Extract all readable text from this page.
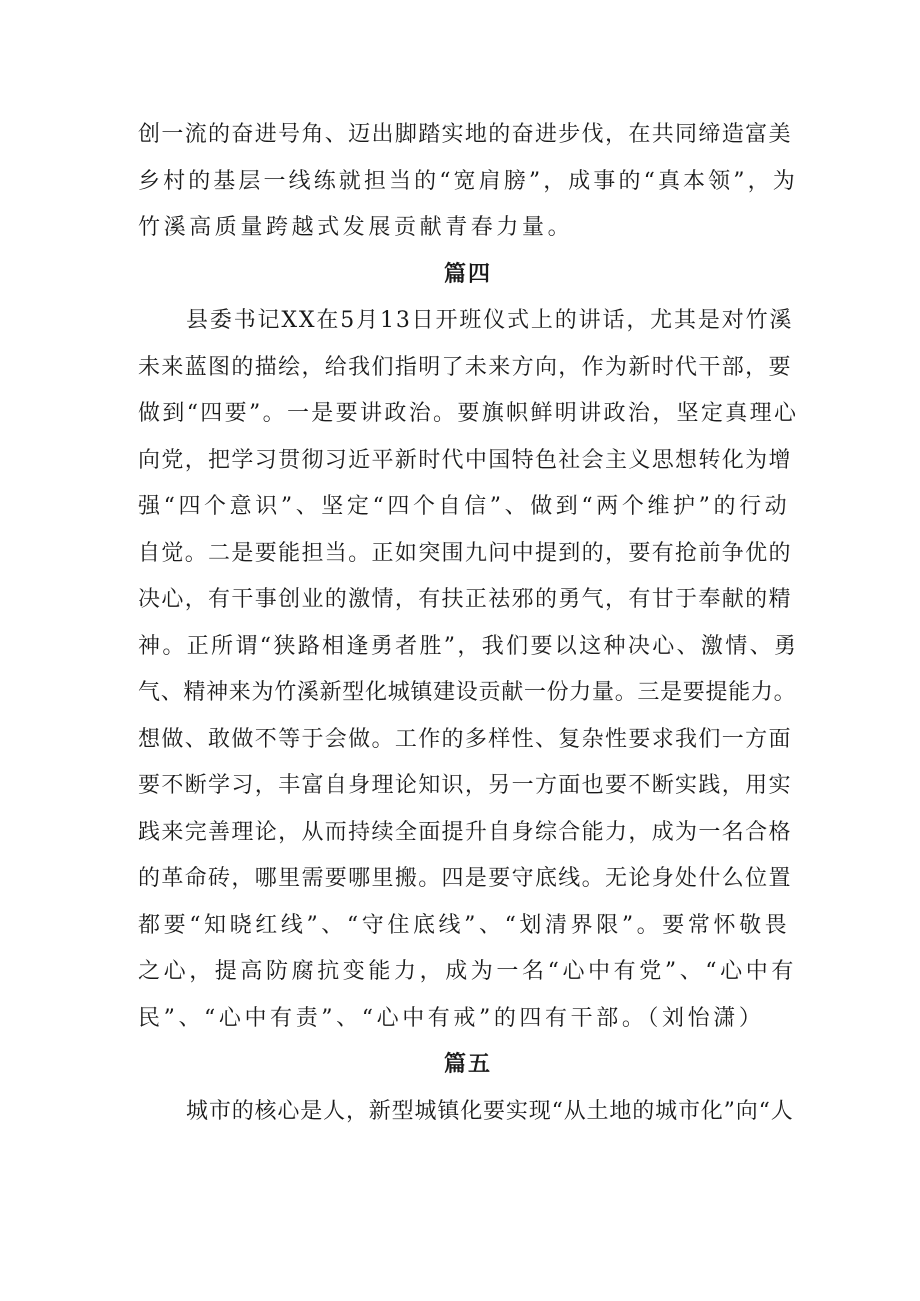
创一流的奋进号角、迈出脚踏实地的奋进步伐，在共同缔造富美
乡村的基层一线练就担当的“宽肩膀”，成事的“真本领”，为
竹溪高质量跨越式发展贡献青春力量。
篇四
县委书记XX在5月13日开班仪式上的讲话，尤其是对竹溪
未来蓝图的描绘，给我们指明了未来方向，作为新时代干部，要
做到“四要”。一是要讲政治。要旗帜鲜明讲政治，坚定真理心
向党，把学习贯彻习近平新时代中国特色社会主义思想转化为增
强“四个意识”、坚定“四个自信”、做到“两个维护”的行动
自觉。二是要能担当。正如突围九问中提到的，要有抢前争优的
决心，有干事创业的激情，有扶正祛邪的勇气，有甘于奉献的精
神。正所谓“狭路相逢勇者胜”，我们要以这种决心、激情、勇
气、精神来为竹溪新型化城镇建设贡献一份力量。三是要提能力。
想做、敢做不等于会做。工作的多样性、复杂性要求我们一方面
要不断学习，丰富自身理论知识，另一方面也要不断实践，用实
践来完善理论，从而持续全面提升自身综合能力，成为一名合格
的革命砖，哪里需要哪里搬。四是要守底线。无论身处什么位置
都要“知晓红线”、“守住底线”、“划清界限”。要常怀敬畏
之心，提高防腐抗变能力，成为一名“心中有党”、“心中有
民”、“心中有责”、“心中有戒”的四有干部。（刘怡潇）
篇五
城市的核心是人，新型城镇化要实现“从土地的城市化”向“人
